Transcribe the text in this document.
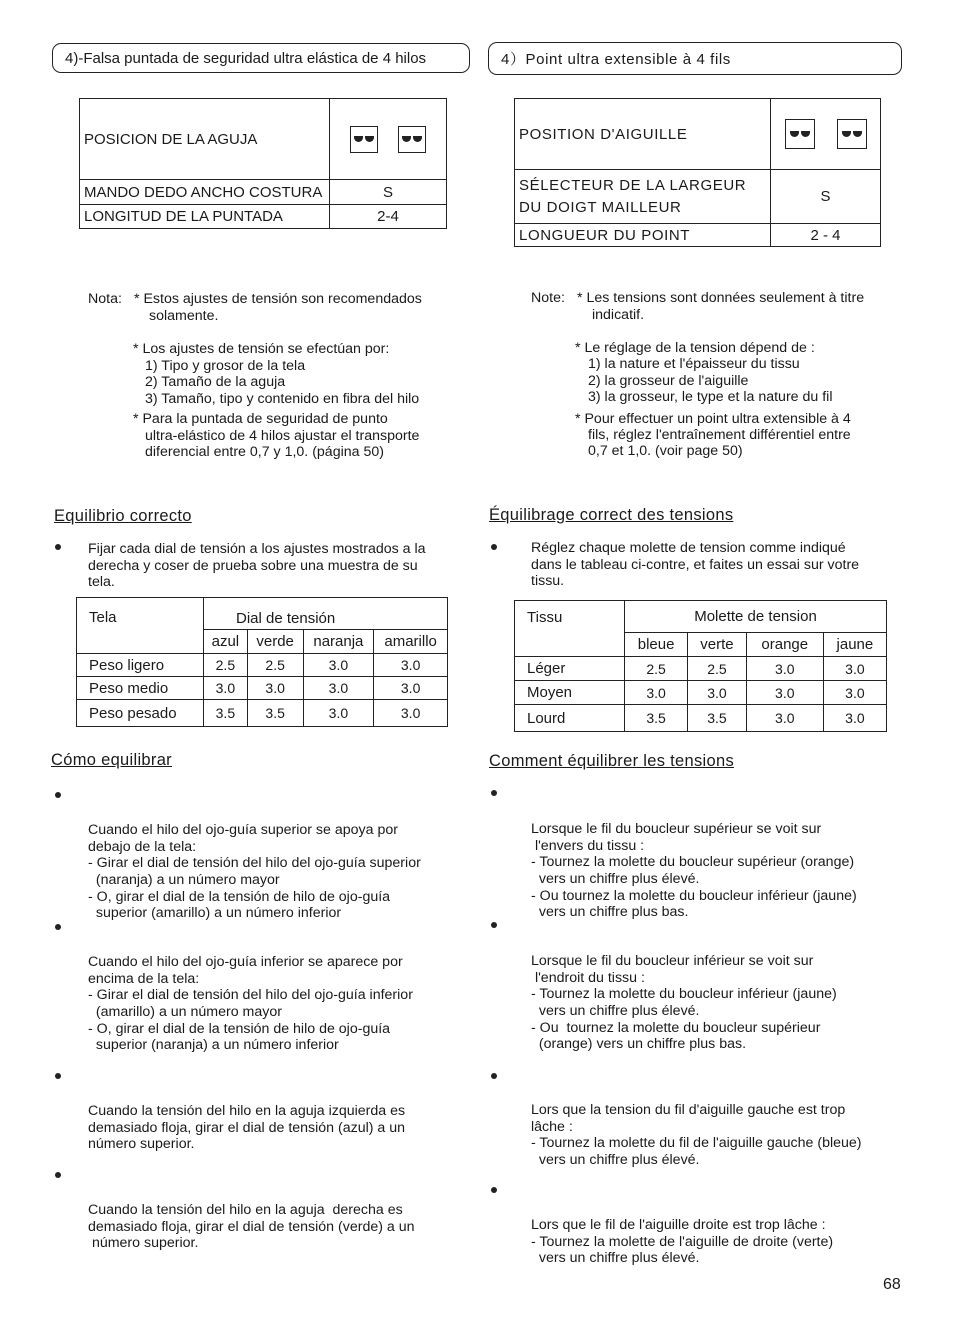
4)-Falsa puntada de seguridad ultra elástica de 4 hilos
POSICION DE LA AGUJA	

MANDO DEDO ANCHO COSTURA	S
LONGITUD DE LA PUNTADA	2-4
Nota: * Estos ajustes de tensión son recomendados
solamente.
* Los ajustes de tensión se efectúan por:
1) Tipo y grosor de la tela
2) Tamaño de la aguja
3) Tamaño, tipo y contenido en fibra del hilo
* Para la puntada de seguridad de punto
ultra-elástico de 4 hilos ajustar el transporte
diferencial entre 0,7 y 1,0. (página 50)
Equilibrio correcto

Fijar cada dial de tensión a los ajustes mostrados a la

derecha y coser de prueba sobre una muestra de su

tela.

Tela	Dial de tensión			
	azul	verde	naranja	amarillo
Peso ligero	2.5	2.5	3.0	3.0
Peso medio	3.0	3.0	3.0	3.0
Peso pesado	3.5	3.5	3.0	3.0
Cómo equilibrar

Cuando el hilo del ojo-guía superior se apoya por

debajo de la tela:

- Girar el dial de tensión del hilo del ojo-guía superior

(naranja) a un número mayor

- O, girar el dial de la tensión de hilo de ojo-guía

superior (amarillo) a un número inferior

Cuando el hilo del ojo-guía inferior se aparece por

encima de la tela:

- Girar el dial de tensión del hilo del ojo-guía inferior

(amarillo) a un número mayor

- O, girar el dial de la tensión de hilo de ojo-guía

superior (naranja) a un número inferior

Cuando la tensión del hilo en la aguja izquierda es

demasiado floja, girar el dial de tensión (azul) a un

número superior.

Cuando la tensión del hilo en la aguja  derecha es

demasiado floja, girar el dial de tensión (verde) a un

número superior.

4）Point ultra extensible à 4 fils
POSITION D'AIGUILLE	

SÉLECTEUR DE LA LARGEUR
DU DOIGT MAILLEUR	S
LONGUEUR DU POINT	2 - 4
Note: * Les tensions sont données seulement à titre
indicatif.
* Le réglage de la tension dépend de :
1) la nature et l'épaisseur du tissu
2) la grosseur de l'aiguille
3) la grosseur, le type et la nature du fil
* Pour effectuer un point ultra extensible à 4
fils, réglez l'entraînement différentiel entre
0,7 et 1,0. (voir page 50)
Équilibrage correct des tensions

Réglez chaque molette de tension comme indiqué

dans le tableau ci-contre, et faites un essai sur votre

tissu.

Tissu	Molette de tension			
	bleue	verte	orange	jaune
Léger	2.5	2.5	3.0	3.0
Moyen	3.0	3.0	3.0	3.0
Lourd	3.5	3.5	3.0	3.0
Comment équilibrer les tensions

Lorsque le fil du boucleur supérieur se voit sur

l'envers du tissu :

- Tournez la molette du boucleur supérieur (orange)

vers un chiffre plus élevé.

- Ou tournez la molette du boucleur inférieur (jaune)

vers un chiffre plus bas.

Lorsque le fil du boucleur inférieur se voit sur

l'endroit du tissu :

- Tournez la molette du boucleur inférieur (jaune)

vers un chiffre plus élevé.

- Ou  tournez la molette du boucleur supérieur

(orange) vers un chiffre plus bas.

Lors que la tension du fil d'aiguille gauche est trop

lâche :

- Tournez la molette du fil de l'aiguille gauche (bleue)

vers un chiffre plus élevé.

Lors que le fil de l'aiguille droite est trop lâche :

- Tournez la molette de l'aiguille de droite (verte)

vers un chiffre plus élevé.

68
